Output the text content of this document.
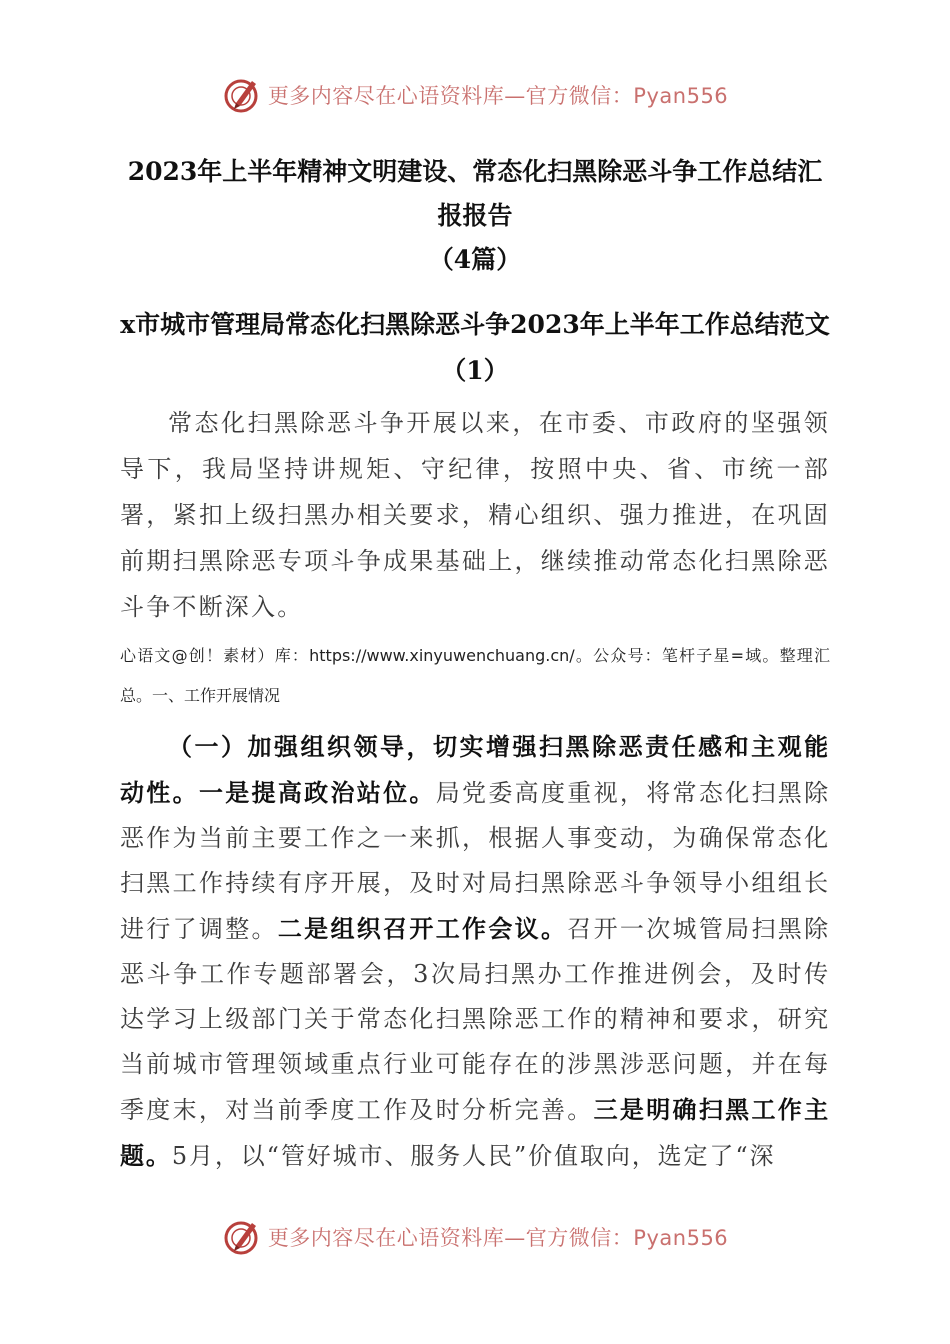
更多内容尽在心语资料库—官方微信：Pyan556
2023年上半年精神文明建设、常态化扫黑除恶斗争工作总结汇报报告

（4篇）

x市城市管理局常态化扫黑除恶斗争2023年上半年工作总结范文（1）

常态化扫黑除恶斗争开展以来，在市委、市政府的坚强领导下，我局坚持讲规矩、守纪律，按照中央、省、市统一部署，紧扣上级扫黑办相关要求，精心组织、强力推进，在巩固前期扫黑除恶专项斗争成果基础上，继续推动常态化扫黑除恶斗争不断深入。

心语文@创！素材）库：https://www.xinyuwenchuang.cn/。公众号：笔杆子星=域。整理汇总。一、工作开展情况

（一）加强组织领导，切实增强扫黑除恶责任感和主观能动性。一是提高政治站位。局党委高度重视，将常态化扫黑除恶作为当前主要工作之一来抓，根据人事变动，为确保常态化扫黑工作持续有序开展，及时对局扫黑除恶斗争领导小组组长进行了调整。二是组织召开工作会议。召开一次城管局扫黑除恶斗争工作专题部署会，3次局扫黑办工作推进例会，及时传达学习上级部门关于常态化扫黑除恶工作的精神和要求，研究当前城市管理领域重点行业可能存在的涉黑涉恶问题，并在每季度末，对当前季度工作及时分析完善。三是明确扫黑工作主题。5月，以“管好城市、服务人民”价值取向，选定了“深

更多内容尽在心语资料库—官方微信：Pyan556
